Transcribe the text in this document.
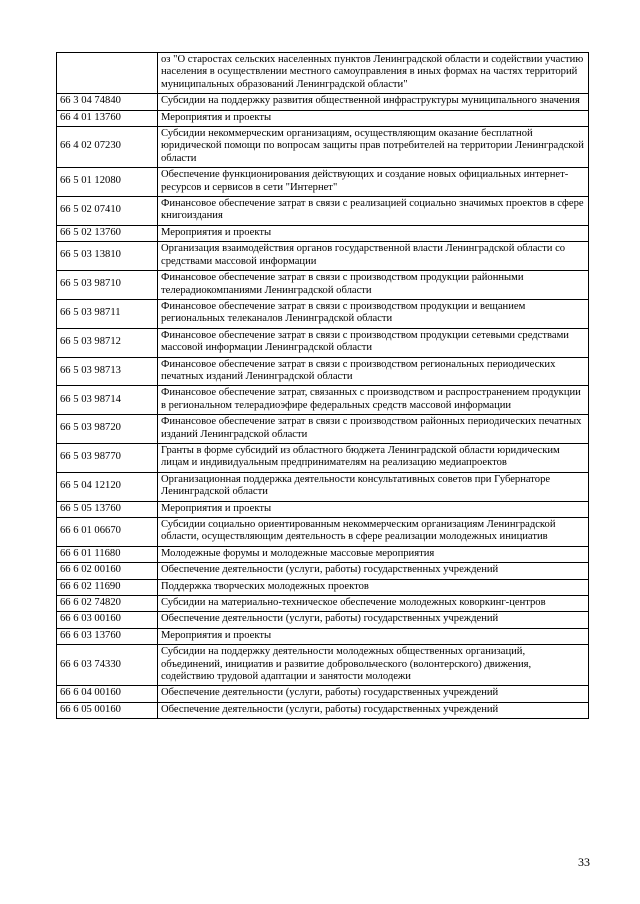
	оз "О старостах сельских населенных пунктов Ленинградской области и содействии участию населения в осуществлении местного самоуправления в иных формах на частях территорий муниципальных образований Ленинградской области"
66 3 04 74840	Субсидии на поддержку развития общественной инфраструктуры муниципального значения
66 4 01 13760	Мероприятия и проекты
66 4 02 07230	Субсидии некоммерческим организациям, осуществляющим оказание бесплатной юридической помощи по вопросам защиты прав потребителей на территории Ленинградской области
66 5 01 12080	Обеспечение функционирования действующих и создание новых официальных интернет-ресурсов и сервисов в сети "Интернет"
66 5 02 07410	Финансовое обеспечение затрат в связи с реализацией социально значимых проектов в сфере книгоиздания
66 5 02 13760	Мероприятия и проекты
66 5 03 13810	Организация взаимодействия органов государственной власти Ленинградской области со средствами массовой информации
66 5 03 98710	Финансовое обеспечение затрат в связи с производством продукции районными телерадиокомпаниями Ленинградской области
66 5 03 98711	Финансовое обеспечение затрат в связи с производством продукции и вещанием региональных телеканалов Ленинградской области
66 5 03 98712	Финансовое обеспечение затрат в связи с производством продукции сетевыми средствами массовой информации Ленинградской области
66 5 03 98713	Финансовое обеспечение затрат в связи с производством региональных периодических печатных изданий Ленинградской области
66 5 03 98714	Финансовое обеспечение затрат, связанных с производством и распространением продукции в региональном телерадиоэфире федеральных средств массовой информации
66 5 03 98720	Финансовое обеспечение затрат в связи с производством районных периодических печатных изданий Ленинградской области
66 5 03 98770	Гранты в форме субсидий из областного бюджета Ленинградской области юридическим лицам и индивидуальным предпринимателям на реализацию медиапроектов
66 5 04 12120	Организационная поддержка деятельности консультативных советов при Губернаторе Ленинградской области
66 5 05 13760	Мероприятия и проекты
66 6 01 06670	Субсидии социально ориентированным некоммерческим организациям Ленинградской области, осуществляющим деятельность в сфере реализации молодежных инициатив
66 6 01 11680	Молодежные форумы и молодежные массовые мероприятия
66 6 02 00160	Обеспечение деятельности (услуги, работы) государственных учреждений
66 6 02 11690	Поддержка творческих молодежных проектов
66 6 02 74820	Субсидии на материально-техническое обеспечение молодежных коворкинг-центров
66 6 03 00160	Обеспечение деятельности (услуги, работы) государственных учреждений
66 6 03 13760	Мероприятия и проекты
66 6 03 74330	Субсидии на поддержку деятельности молодежных общественных организаций, объединений, инициатив и развитие добровольческого (волонтерского) движения, содействию трудовой адаптации и занятости молодежи
66 6 04 00160	Обеспечение деятельности (услуги, работы) государственных учреждений
66 6 05 00160	Обеспечение деятельности (услуги, работы) государственных учреждений
33
